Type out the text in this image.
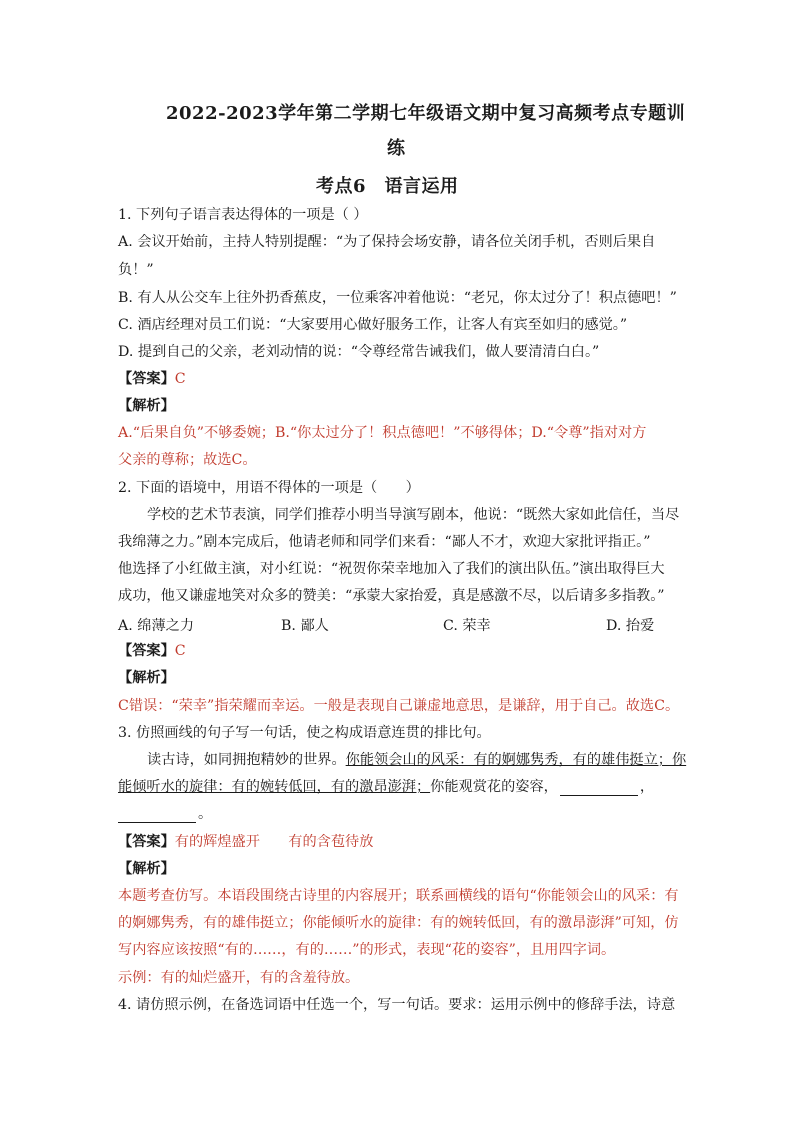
2022-2023学年第二学期七年级语文期中复习高频考点专题训
练
考点6　语言运用
1. 下列句子语言表达得体的一项是（ ）
A. 会议开始前，主持人特别提醒：“为了保持会场安静，请各位关闭手机，否则后果自
负！”
B. 有人从公交车上往外扔香蕉皮，一位乘客冲着他说：“老兄，你太过分了！积点德吧！”
C. 酒店经理对员工们说：“大家要用心做好服务工作，让客人有宾至如归的感觉。”
D. 提到自己的父亲，老刘动情的说：“令尊经常告诫我们，做人要清清白白。”
【答案】C
【解析】
A.“后果自负”不够委婉；B.“你太过分了！积点德吧！”不够得体；D.“令尊”指对对方
父亲的尊称；故选C。
2. 下面的语境中，用语不得体的一项是（　　）
学校的艺术节表演，同学们推荐小明当导演写剧本，他说：“既然大家如此信任，当尽
我绵薄之力。”剧本完成后，他请老师和同学们来看：“鄙人不才，欢迎大家批评指正。”
他选择了小红做主演，对小红说：“祝贺你荣幸地加入了我们的演出队伍。”演出取得巨大
成功，他又谦虚地笑对众多的赞美：“承蒙大家抬爱，真是感激不尽，以后请多多指教。”
A. 绵薄之力	B. 鄙人	C. 荣幸	D. 抬爱
【答案】C
【解析】
C错误：“荣幸”指荣耀而幸运。一般是表现自己谦虚地意思，是谦辞，用于自己。故选C。
3. 仿照画线的句子写一句话，使之构成语意连贯的排比句。
读古诗，如同拥抱精妙的世界。你能领会山的风采：有的婀娜隽秀，有的雄伟挺立；你
能倾听水的旋律：有的婉转低回，有的激昂澎湃；你能观赏花的姿容，	，
。
【答案】有的辉煌盛开　　有的含苞待放
【解析】
本题考查仿写。本语段围绕古诗里的内容展开；联系画横线的语句“你能领会山的风采：有
的婀娜隽秀，有的雄伟挺立；你能倾听水的旋律：有的婉转低回，有的激昂澎湃”可知，仿
写内容应该按照“有的……，有的……”的形式，表现“花的姿容”，且用四字词。
示例：有的灿烂盛开，有的含羞待放。
4. 请仿照示例，在备选词语中任选一个，写一句话。要求：运用示例中的修辞手法，诗意
